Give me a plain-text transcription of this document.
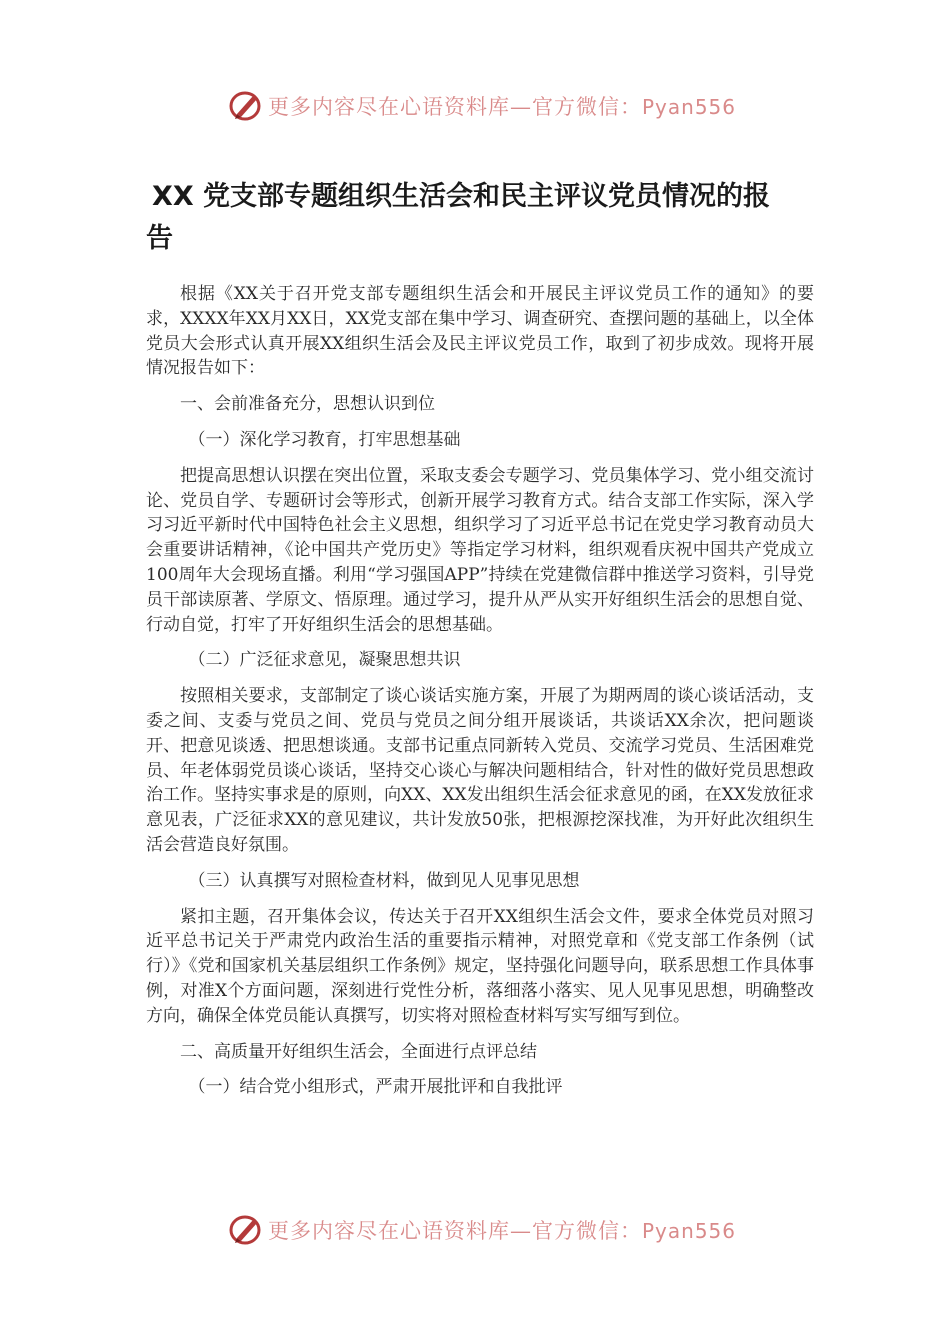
更多内容尽在心语资料库—官方微信：Pyan556
XX 党支部专题组织生活会和民主评议党员情况的报
告

根据《XX关于召开党支部专题组织生活会和开展民主评议党员工作的通知》的要求，XXXX年XX月XX日，XX党支部在集中学习、调查研究、查摆问题的基础上，以全体党员大会形式认真开展XX组织生活会及民主评议党员工作，取到了初步成效。现将开展情况报告如下：

一、会前准备充分，思想认识到位

（一）深化学习教育，打牢思想基础

把提高思想认识摆在突出位置，采取支委会专题学习、党员集体学习、党小组交流讨论、党员自学、专题研讨会等形式，创新开展学习教育方式。结合支部工作实际，深入学习习近平新时代中国特色社会主义思想，组织学习了习近平总书记在党史学习教育动员大会重要讲话精神，《论中国共产党历史》等指定学习材料，组织观看庆祝中国共产党成立100周年大会现场直播。利用“学习强国APP”持续在党建微信群中推送学习资料，引导党员干部读原著、学原文、悟原理。通过学习，提升从严从实开好组织生活会的思想自觉、行动自觉，打牢了开好组织生活会的思想基础。

（二）广泛征求意见，凝聚思想共识

按照相关要求，支部制定了谈心谈话实施方案，开展了为期两周的谈心谈话活动，支委之间、支委与党员之间、党员与党员之间分组开展谈话，共谈话XX余次，把问题谈开、把意见谈透、把思想谈通。支部书记重点同新转入党员、交流学习党员、生活困难党员、年老体弱党员谈心谈话，坚持交心谈心与解决问题相结合，针对性的做好党员思想政治工作。坚持实事求是的原则，向XX、XX发出组织生活会征求意见的函，在XX发放征求意见表，广泛征求XX的意见建议，共计发放50张，把根源挖深找准，为开好此次组织生活会营造良好氛围。

（三）认真撰写对照检查材料，做到见人见事见思想

紧扣主题，召开集体会议，传达关于召开XX组织生活会文件，要求全体党员对照习近平总书记关于严肃党内政治生活的重要指示精神，对照党章和《党支部工作条例（试行）》《党和国家机关基层组织工作条例》规定，坚持强化问题导向，联系思想工作具体事例，对准X个方面问题，深刻进行党性分析，落细落小落实、见人见事见思想，明确整改方向，确保全体党员能认真撰写，切实将对照检查材料写实写细写到位。

二、高质量开好组织生活会，全面进行点评总结

（一）结合党小组形式，严肃开展批评和自我批评

更多内容尽在心语资料库—官方微信：Pyan556
